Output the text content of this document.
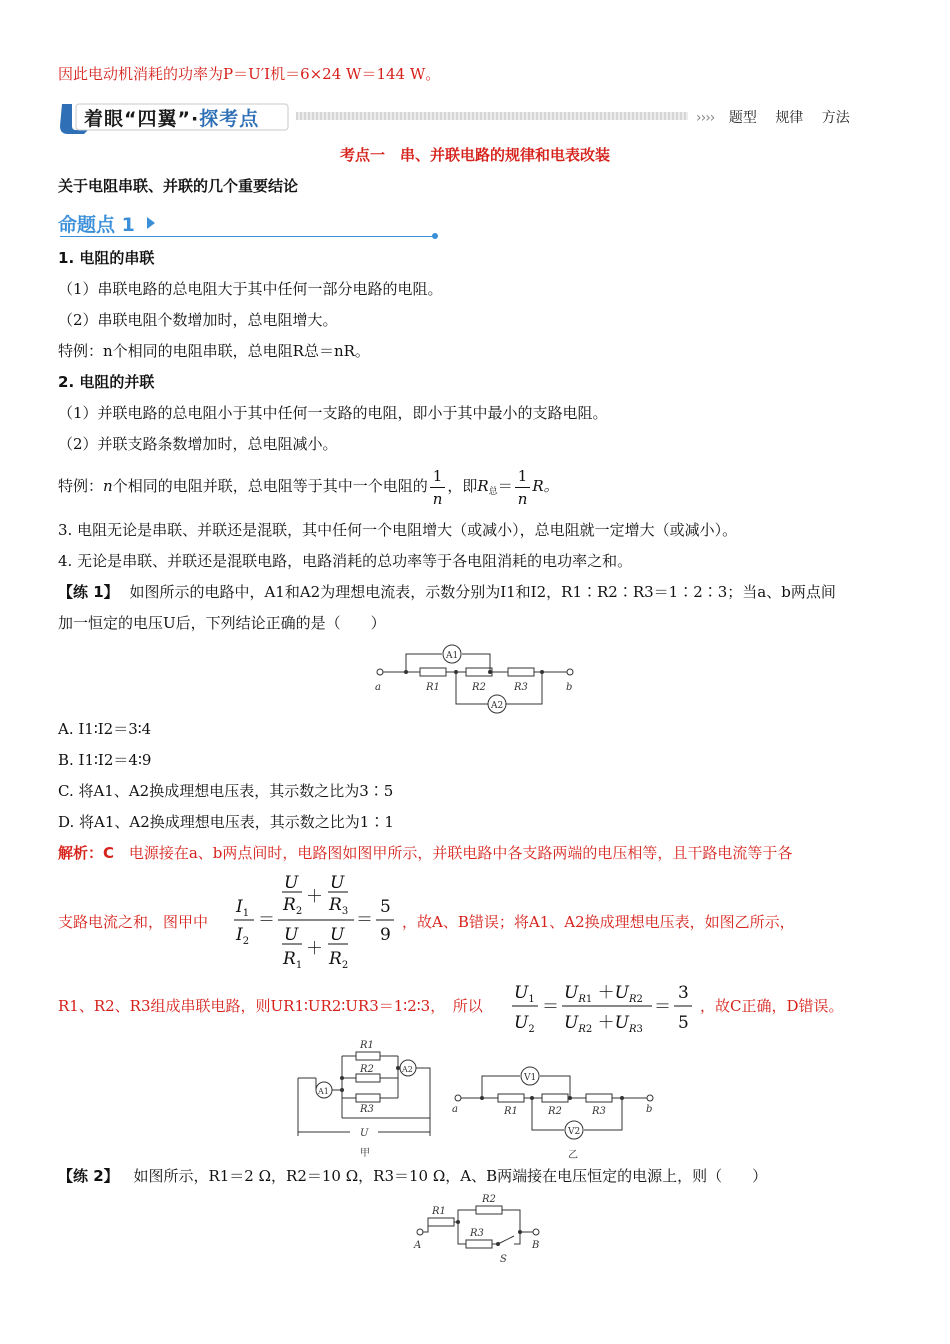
因此电动机消耗的功率为P＝U′I机＝6×24 W＝144 W。
着眼“四翼”·探考点	›››› 题型 规律 方法
考点一　串、并联电路的规律和电表改装
关于电阻串联、并联的几个重要结论
命题点 1
1. 电阻的串联
（1）串联电路的总电阻大于其中任何一部分电路的电阻。
（2）串联电阻个数增加时，总电阻增大。
特例：n个相同的电阻串联，总电阻R总＝nR。
2. 电阻的并联
（1）并联电路的总电阻小于其中任何一支路的电阻，即小于其中最小的支路电阻。
（2）并联支路条数增加时，总电阻减小。
特例：n个相同的电阻并联，总电阻等于其中一个电阻的 $\frac{1}{n}$ ，即$R_总= \frac{1}{n}$ R。
3. 电阻无论是串联、并联还是混联，其中任何一个电阻增大（或减小），总电阻就一定增大（或减小）。
4. 无论是串联、并联还是混联电路，电路消耗的总功率等于各电阻消耗的电功率之和。
【练 1】 如图所示的电路中，A1和A2为理想电流表，示数分别为I1和I2，R1∶R2∶R3＝1∶2∶3；当a、b两点间
加一恒定的电压U后，下列结论正确的是（　　）
a	b
R1	R2	R3
A1
A2
A. I1∶I2＝3∶4
B. I1∶I2＝4∶9
C. 将A1、A2换成理想电压表，其示数之比为3∶5
D. 将A1、A2换成理想电压表，其示数之比为1∶1
解析：C 电源接在a、b两点间时，电路图如图甲所示，并联电路中各支路两端的电压相等，且干路电流等于各
支路电流之和，图甲中
$I_1$
$I_2$
＝
U
$R_2$
＋
U
$R_3$
U
$R_1$
＋
U
$R_2$
＝
5
9
，故A、B错误；将A1、A2换成理想电压表，如图乙所示，
R1、R2、R3组成串联电路，则UR1∶UR2∶UR3＝1∶2∶3，　所以
$U_1$
$U_2$
＝
$U_R1 +U_R2$
$U_R2 +U_R3$
＝
3
5
，故C正确，D错误。
R1
R2
R3
A1
A2
U
甲
a	b
R1	R2	R3
V1
V2
乙
【练 2】 如图所示，R1＝2 Ω，R2＝10 Ω，R3＝10 Ω，A、B两端接在电压恒定的电源上，则（　　）
A	B
R1
R2
R3
S
